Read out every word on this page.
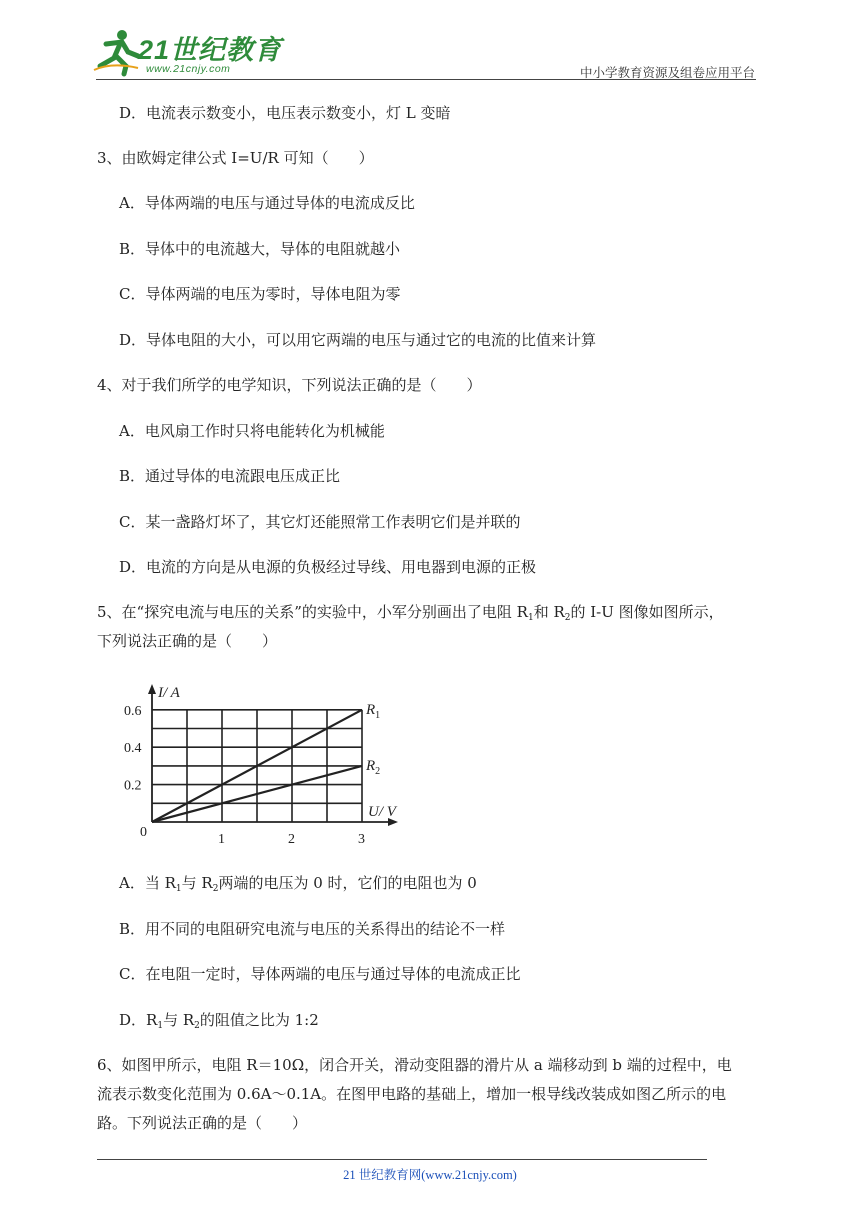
21世纪教育
www.21cnjy.com	中小学教育资源及组卷应用平台
D．电流表示数变小，电压表示数变小，灯 L 变暗
3、由欧姆定律公式 I=U/R 可知（　　）
A．导体两端的电压与通过导体的电流成反比
B．导体中的电流越大，导体的电阻就越小
C．导体两端的电压为零时，导体电阻为零
D．导体电阻的大小，可以用它两端的电压与通过它的电流的比值来计算
4、对于我们所学的电学知识，下列说法正确的是（　　）
A．电风扇工作时只将电能转化为机械能
B．通过导体的电流跟电压成正比
C．某一盏路灯坏了，其它灯还能照常工作表明它们是并联的
D．电流的方向是从电源的负极经过导线、用电器到电源的正极
5、在“探究电流与电压的关系”的实验中，小军分别画出了电阻 $R_1$和 $R_2$的 I-U 图像如图所示，
下列说法正确的是（　　）
I/ A
U/ V
0	1	2	3
0.2
0.4
0.6	$R_1$
$R_2$
A．当 $R_1$与 $R_2$两端的电压为 0 时，它们的电阻也为 0
B．用不同的电阻研究电流与电压的关系得出的结论不一样
C．在电阻一定时，导体两端的电压与通过导体的电流成正比
D．$R_1$与 $R_2$的阻值之比为 1:2
6、如图甲所示，电阻 R＝10Ω，闭合开关，滑动变阻器的滑片从 a 端移动到 b 端的过程中，电
流表示数变化范围为 0.6A～0.1A。在图甲电路的基础上，增加一根导线改装成如图乙所示的电
路。下列说法正确的是（　　）
21 世纪教育网(www.21cnjy.com)
